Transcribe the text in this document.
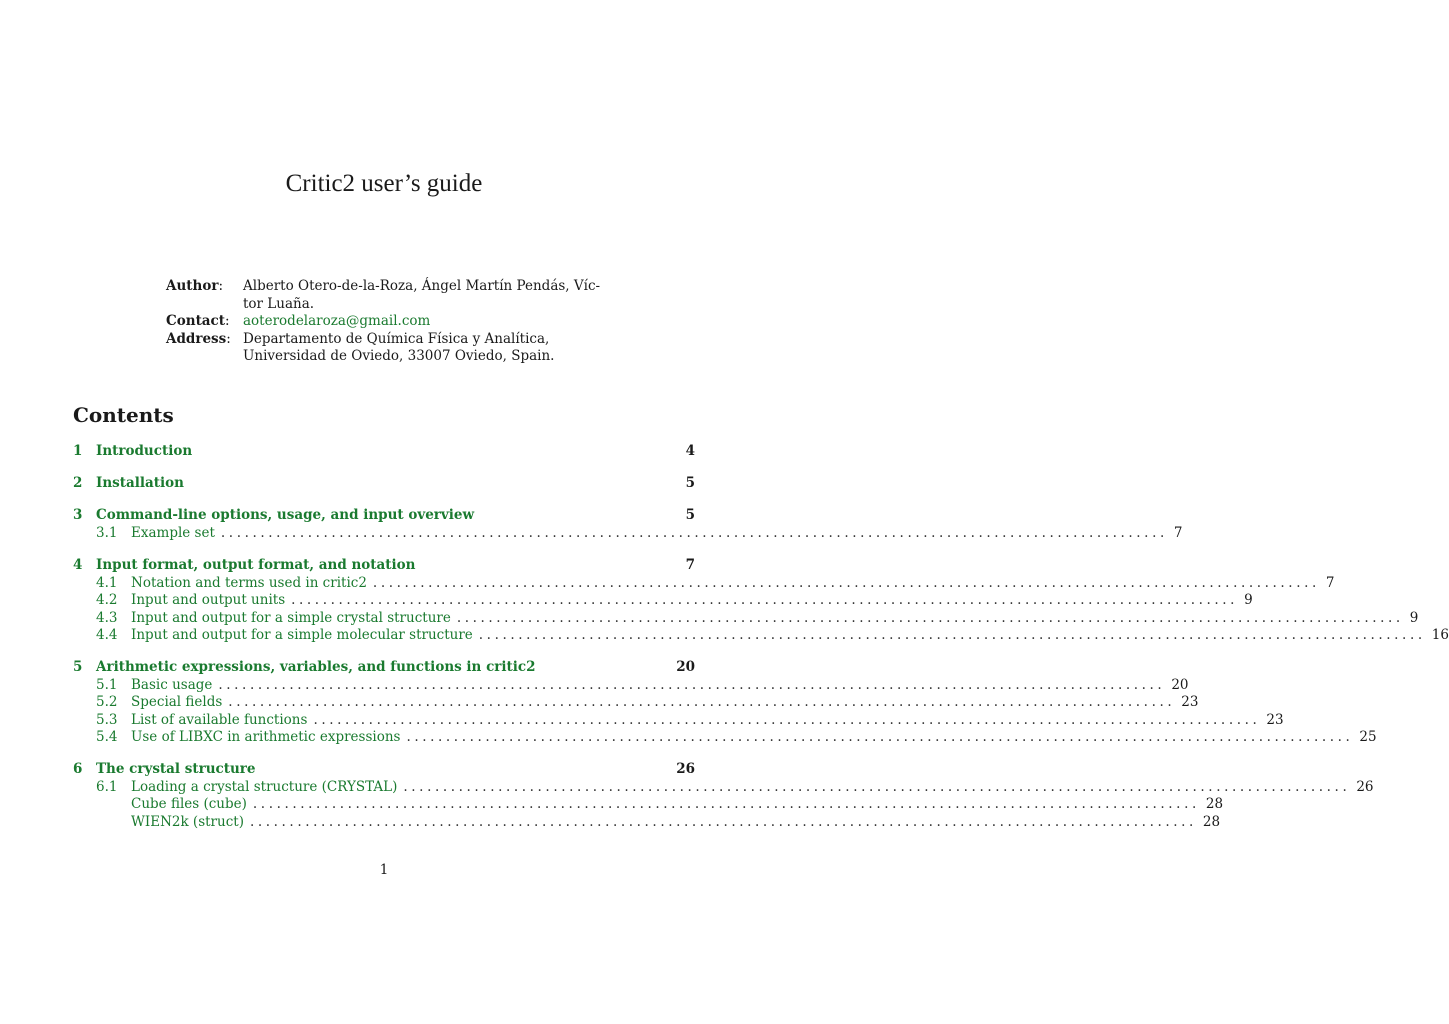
Critic2 user’s guide
Author:	Alberto Otero-de-la-Roza, Ángel Martín Pendás, Víc-
tor Luaña.
Contact: aoterodelaroza@gmail.com
Address: Departamento de Química Física y Analítica,
Universidad de Oviedo, 33007 Oviedo, Spain.
Contents
1	Introduction	4
2	Installation	5
3	Command-line options, usage, and input overview	5
3.1	Example set ........................................................................................................................ 7
4	Input format, output format, and notation	7
4.1	Notation and terms used in critic2 ........................................................................................................................ 7
4.2	Input and output units ........................................................................................................................ 9
4.3	Input and output for a simple crystal structure ........................................................................................................................ 9
4.4	Input and output for a simple molecular structure ........................................................................................................................ 16
5	Arithmetic expressions, variables, and functions in critic2	20
5.1	Basic usage ........................................................................................................................ 20
5.2	Special fields ........................................................................................................................ 23
5.3	List of available functions ........................................................................................................................ 23
5.4	Use of LIBXC in arithmetic expressions ........................................................................................................................ 25
6	The crystal structure	26
6.1	Loading a crystal structure (CRYSTAL) ........................................................................................................................ 26
Cube files (cube) ........................................................................................................................ 28
WIEN2k (struct) ........................................................................................................................ 28
1
